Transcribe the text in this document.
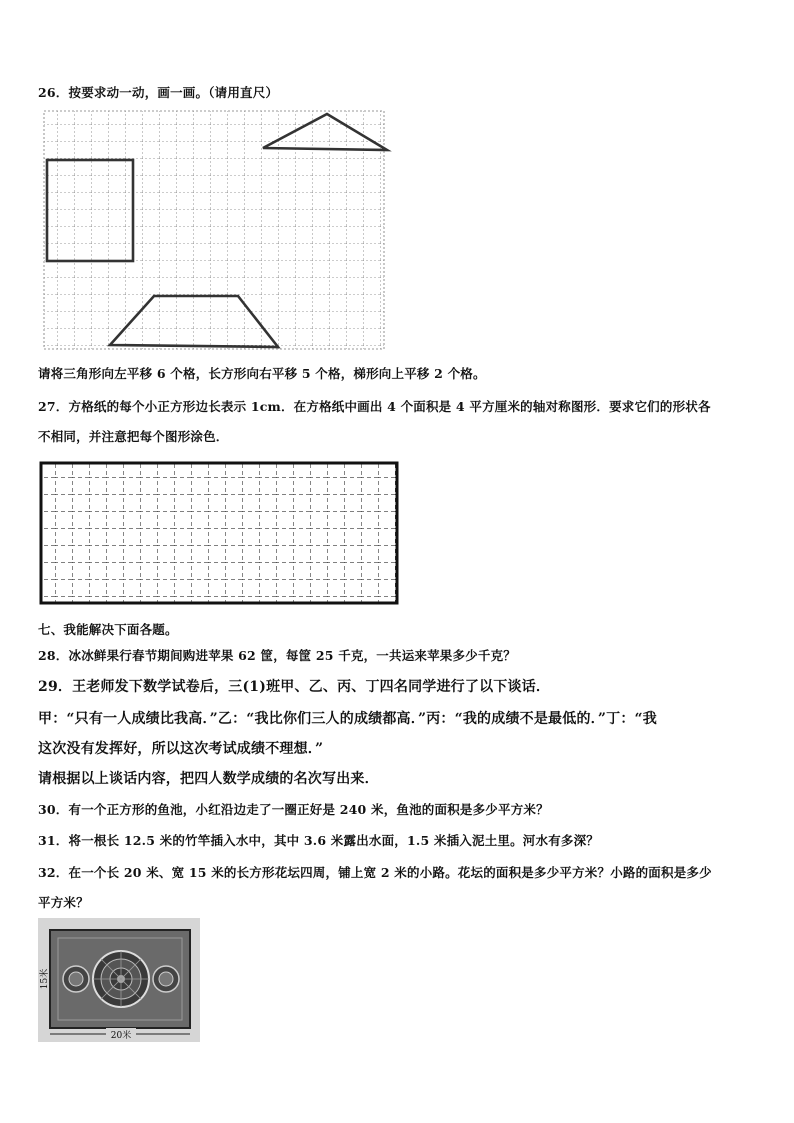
26．按要求动一动，画一画。（请用直尺）
请将三角形向左平移 6 个格，长方形向右平移 5 个格，梯形向上平移 2 个格。
27．方格纸的每个小正方形边长表示 1cm．在方格纸中画出 4 个面积是 4 平方厘米的轴对称图形．要求它们的形状各
不相同，并注意把每个图形涂色．
七、我能解决下面各题。
28．冰冰鲜果行春节期间购进苹果 62 筐，每筐 25 千克，一共运来苹果多少千克？
29．王老师发下数学试卷后，三(1)班甲、乙、丙、丁四名同学进行了以下谈话．
甲：“只有一人成绩比我高．”乙：“我比你们三人的成绩都高．”丙：“我的成绩不是最低的．”丁：“我
这次没有发挥好，所以这次考试成绩不理想．”
请根据以上谈话内容，把四人数学成绩的名次写出来．
30．有一个正方形的鱼池，小红沿边走了一圈正好是 240 米，鱼池的面积是多少平方米？
31．将一根长 12.5 米的竹竿插入水中，其中 3.6 米露出水面，1.5 米插入泥土里。河水有多深？
32．在一个长 20 米、宽 15 米的长方形花坛四周，铺上宽 2 米的小路。花坛的面积是多少平方米？小路的面积是多少
平方米？
20米
15米
